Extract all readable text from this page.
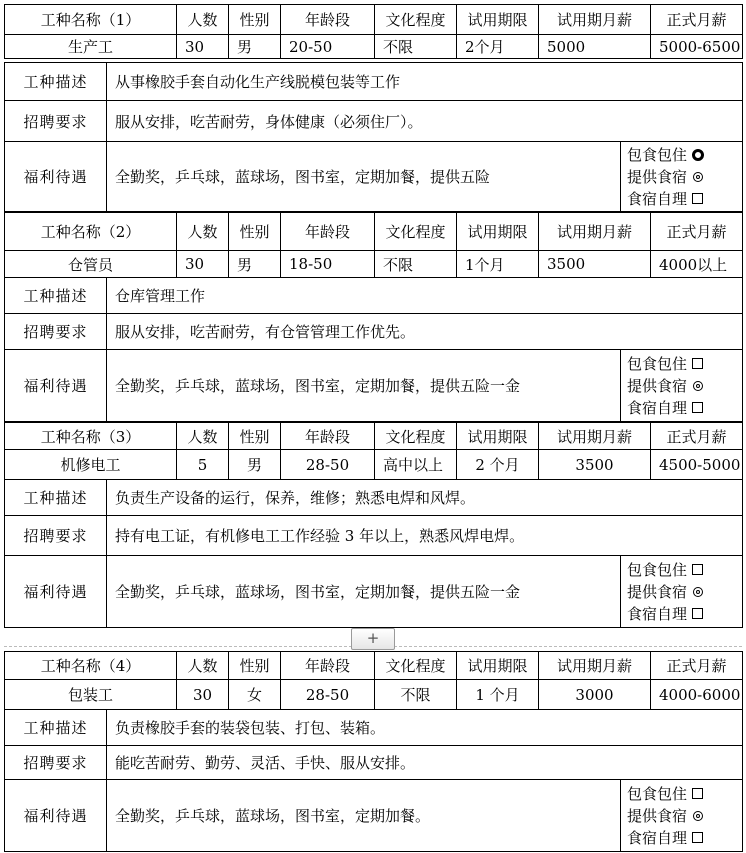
工种名称（1）	人数	性别	年龄段	文化程度	试用期限	试用期月薪	正式月薪
生产工	30	男	20-50	不限	2个月	5000	5000-6500
工种描述	从事橡胶手套自动化生产线脱模包装等工作	
招聘要求	服从安排，吃苦耐劳，身体健康（必须住厂）。	
福利待遇	全勤奖，乒乓球，蓝球场，图书室，定期加餐，提供五险	包食包住
提供食宿
食宿自理
工种名称（2）	人数	性别	年龄段	文化程度	试用期限	试用期月薪	正式月薪
仓管员	30	男	18-50	不限	1个月	3500	4000以上
工种描述	仓库管理工作	
招聘要求	服从安排，吃苦耐劳，有仓管管理工作优先。	
福利待遇	全勤奖，乒乓球，蓝球场，图书室，定期加餐，提供五险一金	包食包住
提供食宿
食宿自理
工种名称（3）	人数	性别	年龄段	文化程度	试用期限	试用期月薪	正式月薪
机修电工	5	男	28-50	高中以上	2 个月	3500	4500-5000
工种描述	负责生产设备的运行，保养，维修；熟悉电焊和风焊。	
招聘要求	持有电工证，有机修电工工作经验 3 年以上，熟悉风焊电焊。	
福利待遇	全勤奖，乒乓球，蓝球场，图书室，定期加餐，提供五险一金	包食包住
提供食宿
食宿自理
+
工种名称（4）	人数	性别	年龄段	文化程度	试用期限	试用期月薪	正式月薪
包装工	30	女	28-50	不限	1 个月	3000	4000-6000
工种描述	负责橡胶手套的装袋包装、打包、装箱。	
招聘要求	能吃苦耐劳、勤劳、灵活、手快、服从安排。	
福利待遇	全勤奖，乒乓球，蓝球场，图书室，定期加餐。	包食包住
提供食宿
食宿自理
